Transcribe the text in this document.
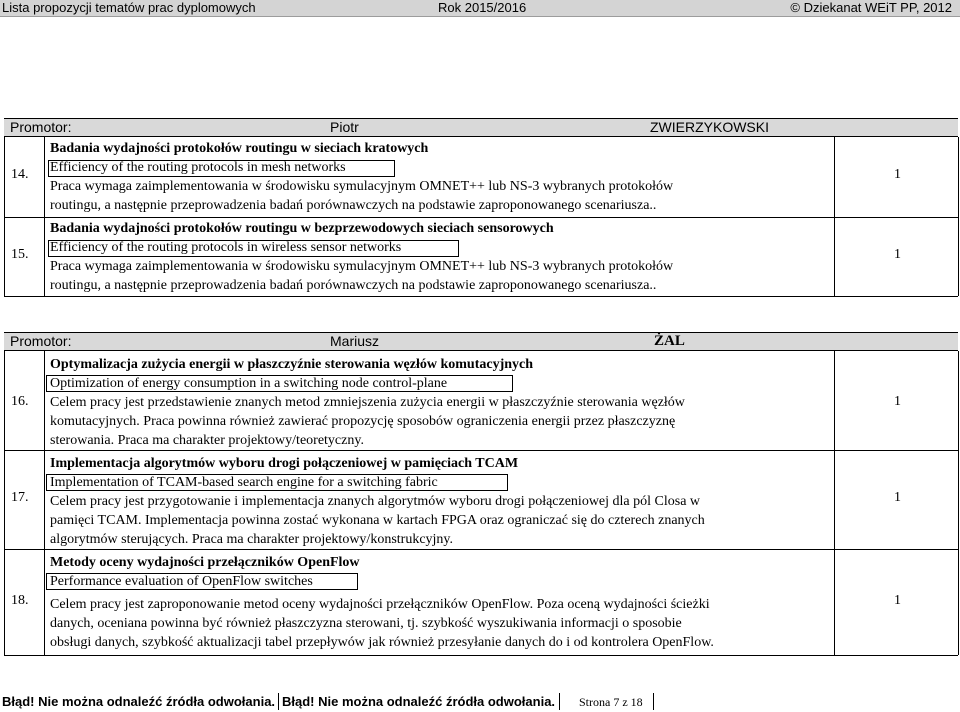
Lista propozycji tematów prac dyplomowych	Rok 2015/2016	© Dziekanat WEiT PP, 2012
Promotor:	Piotr	ZWIERZYKOWSKI
14.
Badania wydajności protokołów routingu w sieciach kratowych
Efficiency of the routing protocols in mesh networks
Praca wymaga zaimplementowania w środowisku symulacyjnym OMNET++ lub NS-3 wybranych protokołów
routingu, a następnie przeprowadzenia badań porównawczych na podstawie zaproponowanego scenariusza..
1
15.
Badania wydajności protokołów routingu w bezprzewodowych sieciach sensorowych
Efficiency of the routing protocols in wireless sensor networks
Praca wymaga zaimplementowania w środowisku symulacyjnym OMNET++ lub NS-3 wybranych protokołów
routingu, a następnie przeprowadzenia badań porównawczych na podstawie zaproponowanego scenariusza..
1
Promotor:	Mariusz	ŻAL
16.
Optymalizacja zużycia energii w płaszczyźnie sterowania węzłów komutacyjnych
Optimization of energy consumption in a switching node control-plane
Celem pracy jest przedstawienie znanych metod zmniejszenia zużycia energii w płaszczyźnie sterowania węzłów
komutacyjnych. Praca powinna również zawierać propozycję sposobów ograniczenia energii przez płaszczyznę
sterowania. Praca ma charakter projektowy/teoretyczny.
1
17.
Implementacja algorytmów wyboru drogi połączeniowej w pamięciach TCAM
Implementation of TCAM-based search engine for a switching fabric
Celem pracy jest przygotowanie i implementacja znanych algorytmów wyboru drogi połączeniowej dla pól Closa w
pamięci TCAM. Implementacja powinna zostać wykonana w kartach FPGA oraz ograniczać się do czterech znanych
algorytmów sterujących. Praca ma charakter projektowy/konstrukcyjny.
1
18.
Metody oceny wydajności przełączników OpenFlow
Performance evaluation of OpenFlow switches
Celem pracy jest zaproponowanie metod oceny wydajności przełączników OpenFlow. Poza oceną wydajności ścieżki
danych, oceniana powinna być również płaszczyzna sterowani, tj. szybkość wyszukiwania informacji o sposobie
obsługi danych, szybkość aktualizacji tabel przepływów jak również przesyłanie danych do i od kontrolera OpenFlow.
1
Błąd! Nie można odnaleźć źródła odwołania. Błąd! Nie można odnaleźć źródła odwołania. Strona 7 z 18
